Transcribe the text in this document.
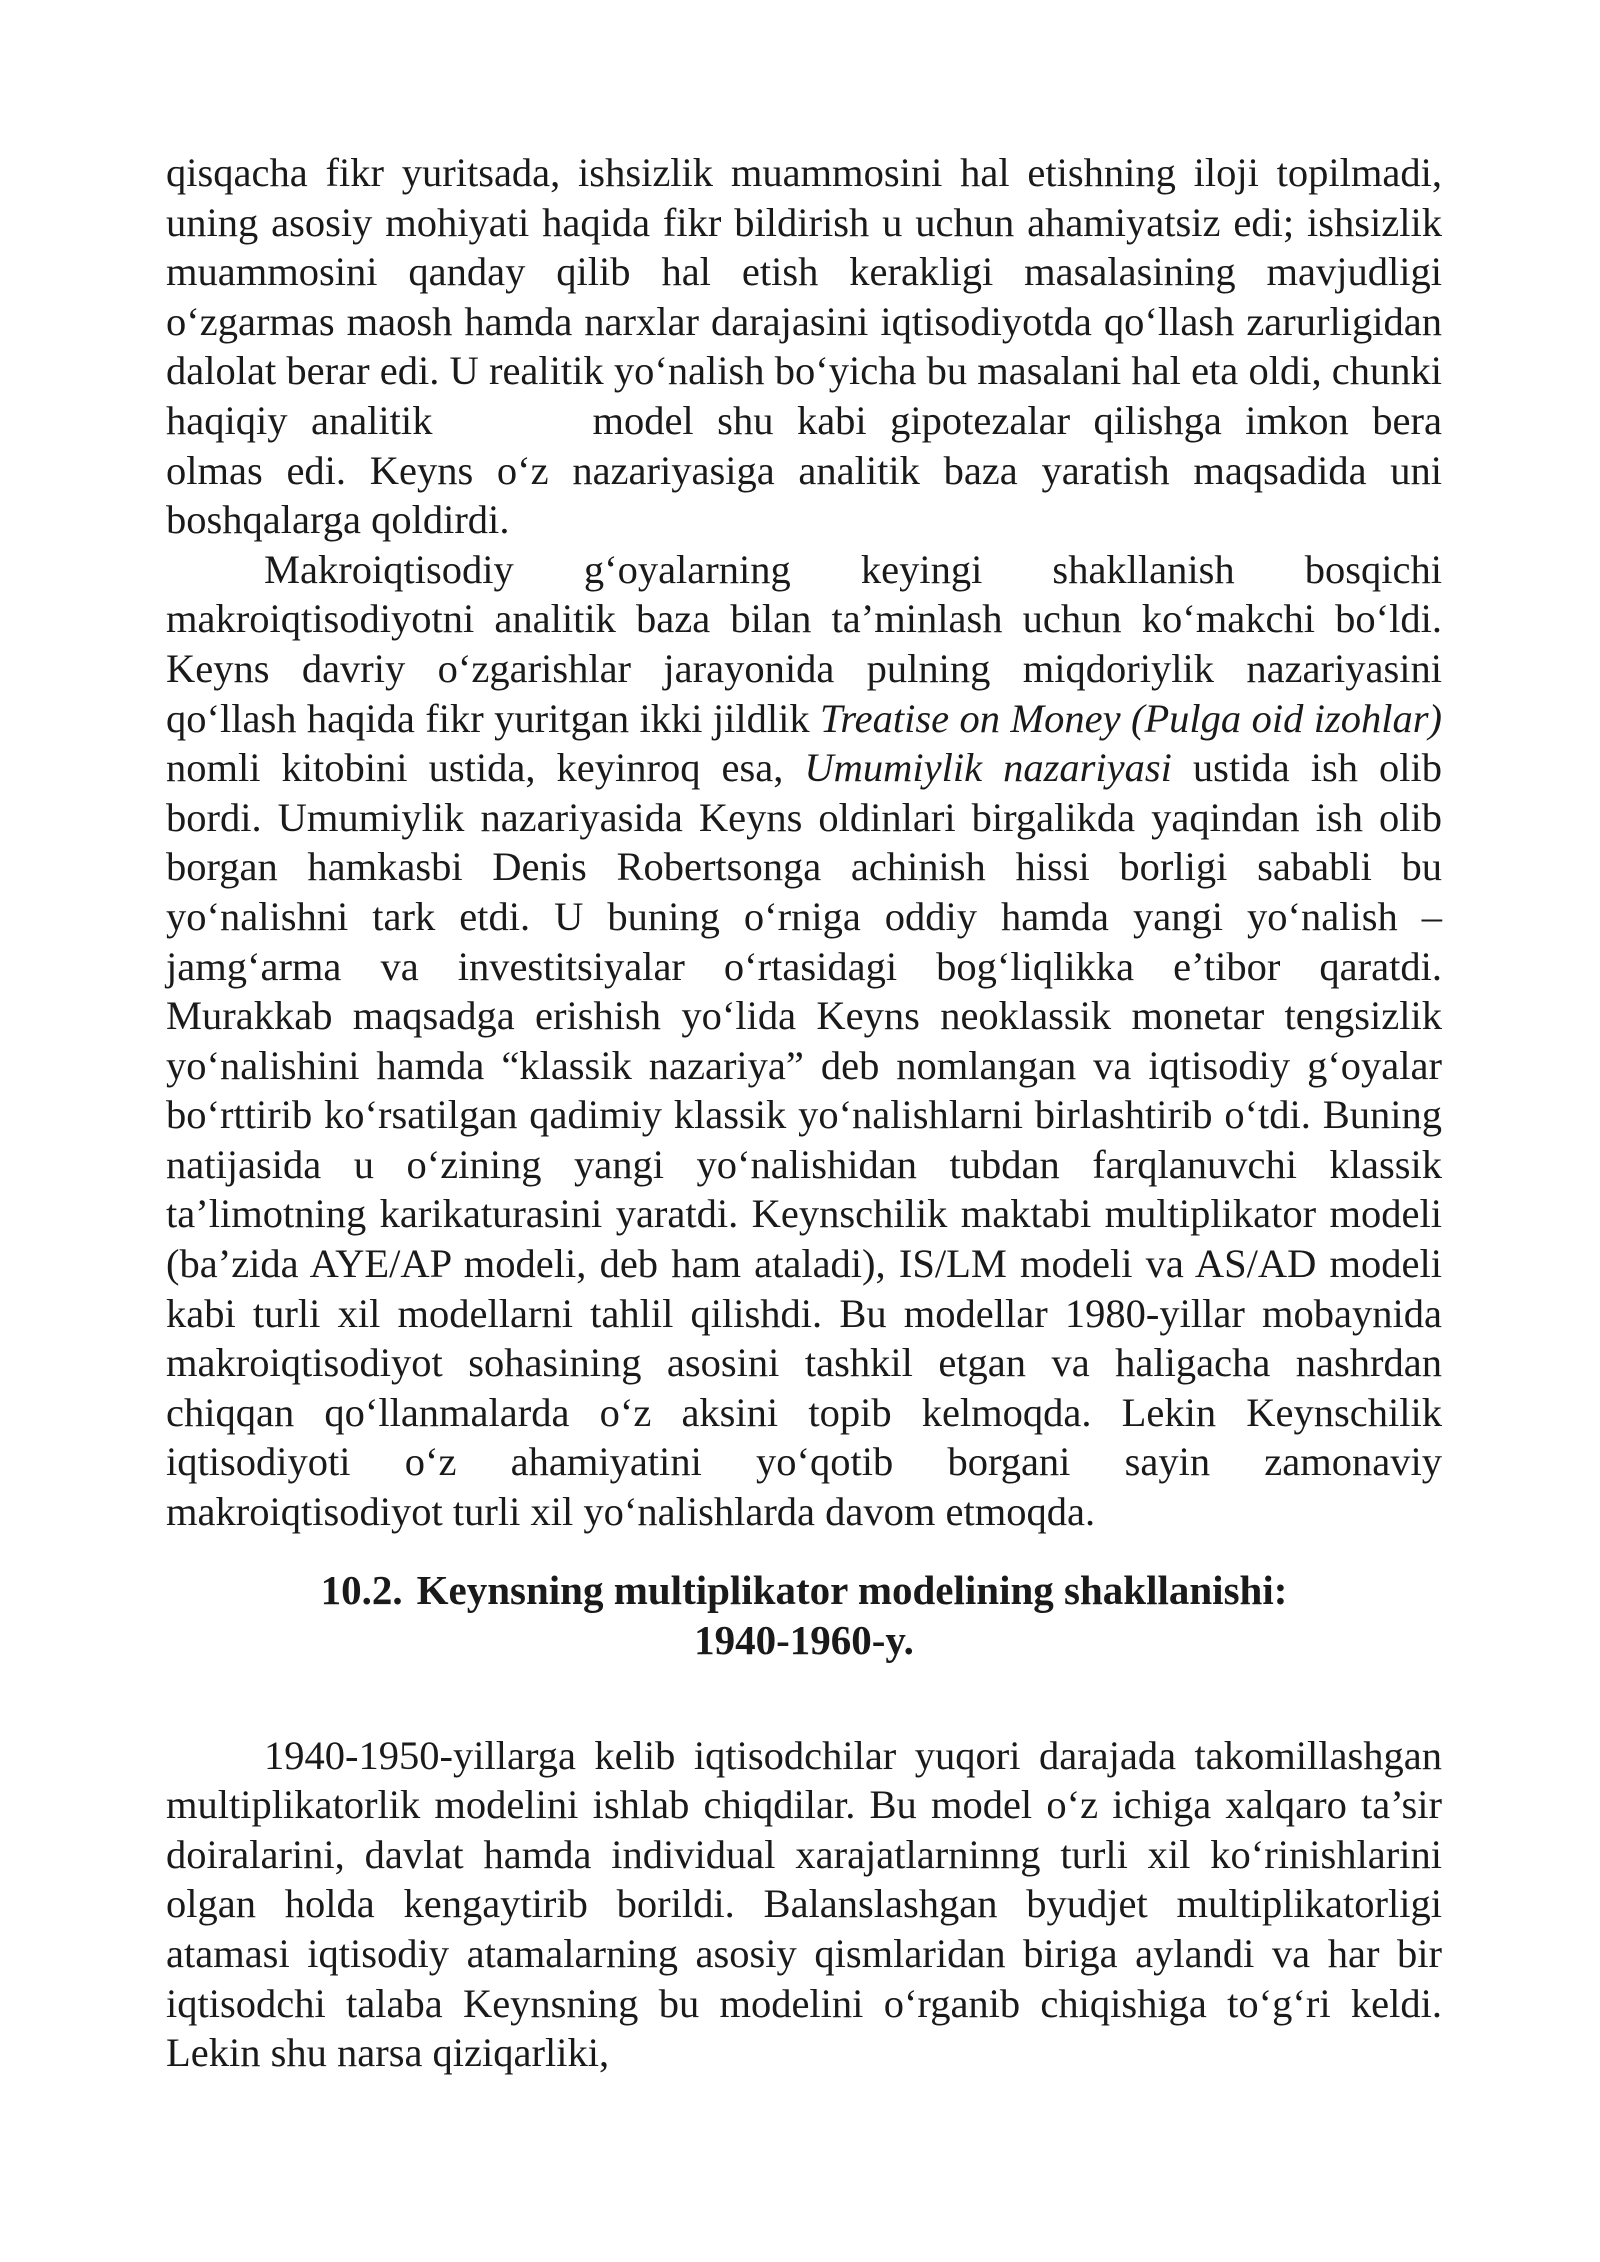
qisqacha fikr yuritsada, ishsizlik muammosini hal etishning iloji topilmadi, uning asosiy mohiyati haqida fikr bildirish u uchun ahamiyatsiz edi; ishsizlik muammosini qanday qilib hal etish kerakligi masalasining mavjudligi o‘zgarmas maosh hamda narxlar darajasini iqtisodiyotda qo‘llash zarurligidan dalolat berar edi. U realitik yo‘nalish bo‘yicha bu masalani hal eta oldi, chunki haqiqiy analitik	model shu kabi gipotezalar qilishga imkon bera olmas edi. Keyns o‘z nazariyasiga analitik baza yaratish maqsadida uni boshqalarga qoldirdi.

Makroiqtisodiy g‘oyalarning keyingi shakllanish bosqichi makroiqtisodiyotni analitik baza bilan ta’minlash uchun ko‘makchi bo‘ldi. Keyns davriy o‘zgarishlar jarayonida pulning miqdoriylik nazariyasini qo‘llash haqida fikr yuritgan ikki jildlik Treatise on Money (Pulga oid izohlar) nomli kitobini ustida, keyinroq esa, Umumiylik nazariyasi ustida ish olib bordi. Umumiylik nazariyasida Keyns oldinlari birgalikda yaqindan ish olib borgan hamkasbi Denis Robertsonga achinish hissi borligi sababli bu yo‘nalishni tark etdi. U buning o‘rniga oddiy hamda yangi yo‘nalish – jamg‘arma va investitsiyalar o‘rtasidagi bog‘liqlikka e’tibor qaratdi. Murakkab maqsadga erishish yo‘lida Keyns neoklassik monetar tengsizlik yo‘nalishini hamda “klassik nazariya” deb nomlangan va iqtisodiy g‘oyalar bo‘rttirib ko‘rsatilgan qadimiy klassik yo‘nalishlarni birlashtirib o‘tdi. Buning natijasida u o‘zining yangi yo‘nalishidan tubdan farqlanuvchi klassik ta’limotning karikaturasini yaratdi. Keynschilik maktabi multiplikator modeli (ba’zida AYE/AP modeli, deb ham ataladi), IS/LM modeli va AS/AD modeli kabi turli xil modellarni tahlil qilishdi. Bu modellar 1980-yillar mobaynida makroiqtisodiyot sohasining asosini tashkil etgan va haligacha nashrdan chiqqan qo‘llanmalarda o‘z aksini topib kelmoqda. Lekin Keynschilik iqtisodiyoti o‘z ahamiyatini yo‘qotib borgani sayin zamonaviy makroiqtisodiyot turli xil yo‘nalishlarda davom etmoqda.

10.2. Keynsning multiplikator modelining shakllanishi:
1940-1960-y.

1940-1950-yillarga kelib iqtisodchilar yuqori darajada takomillashgan multiplikatorlik modelini ishlab chiqdilar. Bu model o‘z ichiga xalqaro ta’sir doiralarini, davlat hamda individual xarajatlarninng turli xil ko‘rinishlarini olgan holda kengaytirib borildi. Balanslashgan byudjet multiplikatorligi atamasi iqtisodiy atamalarning asosiy qismlaridan biriga aylandi va har bir iqtisodchi talaba Keynsning bu modelini o‘rganib chiqishiga to‘g‘ri keldi. Lekin shu narsa qiziqarliki,
